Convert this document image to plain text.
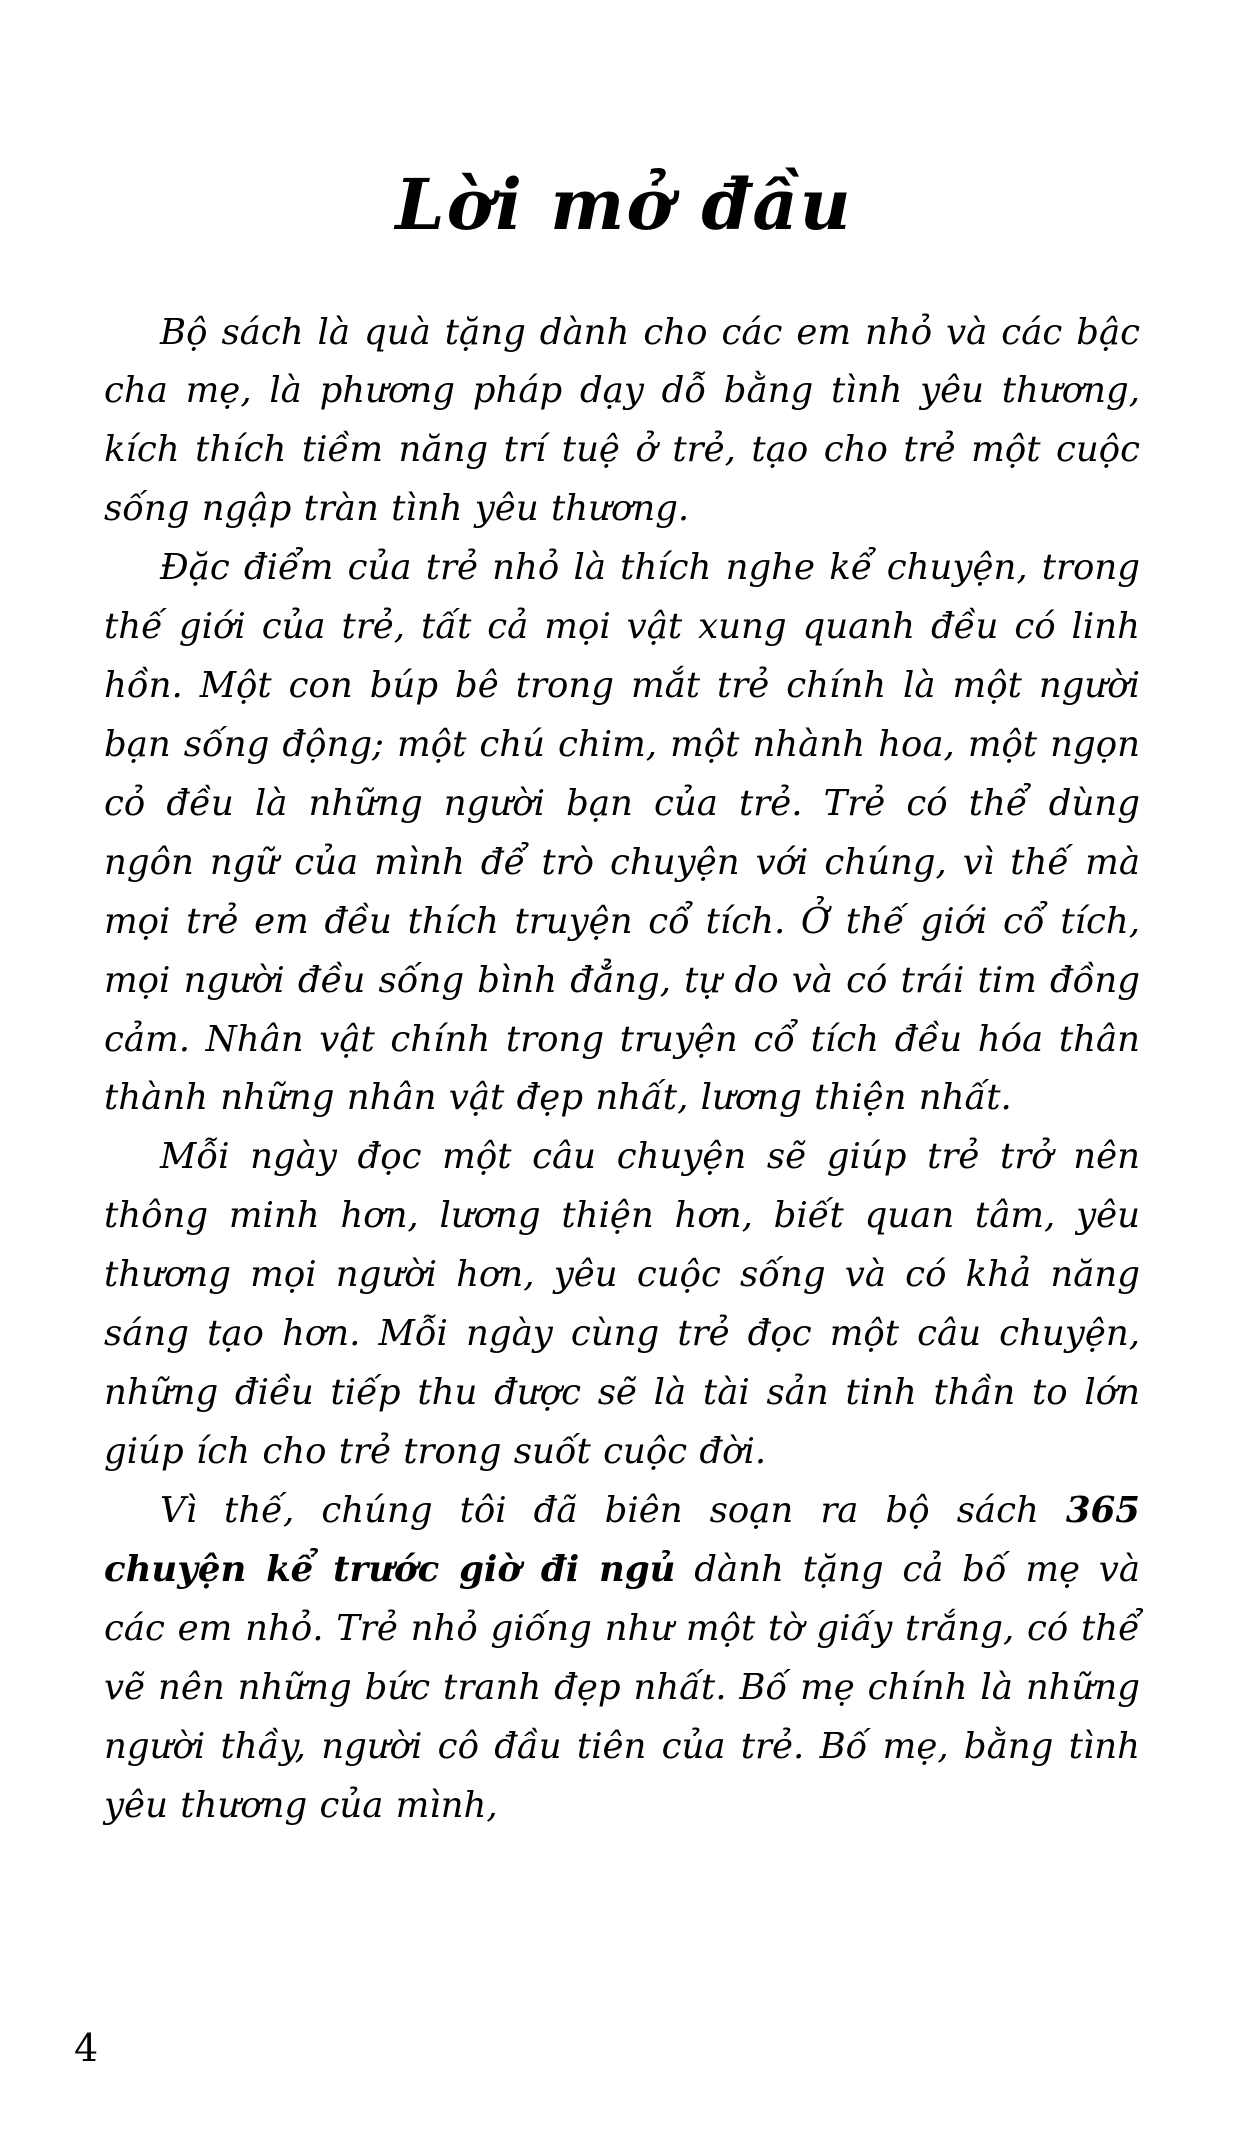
Lời mở đầu

Bộ sách là quà tặng dành cho các em nhỏ và các bậc cha mẹ, là phương pháp dạy dỗ bằng tình yêu thương, kích thích tiềm năng trí tuệ ở trẻ, tạo cho trẻ một cuộc sống ngập tràn tình yêu thương.

Đặc điểm của trẻ nhỏ là thích nghe kể chuyện, trong thế giới của trẻ, tất cả mọi vật xung quanh đều có linh hồn. Một con búp bê trong mắt trẻ chính là một người bạn sống động; một chú chim, một nhành hoa, một ngọn cỏ đều là những người bạn của trẻ. Trẻ có thể dùng ngôn ngữ của mình để trò chuyện với chúng, vì thế mà mọi trẻ em đều thích truyện cổ tích. Ở thế giới cổ tích, mọi người đều sống bình đẳng, tự do và có trái tim đồng cảm. Nhân vật chính trong truyện cổ tích đều hóa thân thành những nhân vật đẹp nhất, lương thiện nhất.

Mỗi ngày đọc một câu chuyện sẽ giúp trẻ trở nên thông minh hơn, lương thiện hơn, biết quan tâm, yêu thương mọi người hơn, yêu cuộc sống và có khả năng sáng tạo hơn. Mỗi ngày cùng trẻ đọc một câu chuyện, những điều tiếp thu được sẽ là tài sản tinh thần to lớn giúp ích cho trẻ trong suốt cuộc đời.

Vì thế, chúng tôi đã biên soạn ra bộ sách 365 chuyện kể trước giờ đi ngủ dành tặng cả bố mẹ và các em nhỏ. Trẻ nhỏ giống như một tờ giấy trắng, có thể vẽ nên những bức tranh đẹp nhất. Bố mẹ chính là những người thầy, người cô đầu tiên của trẻ. Bố mẹ, bằng tình yêu thương của mình,

4
